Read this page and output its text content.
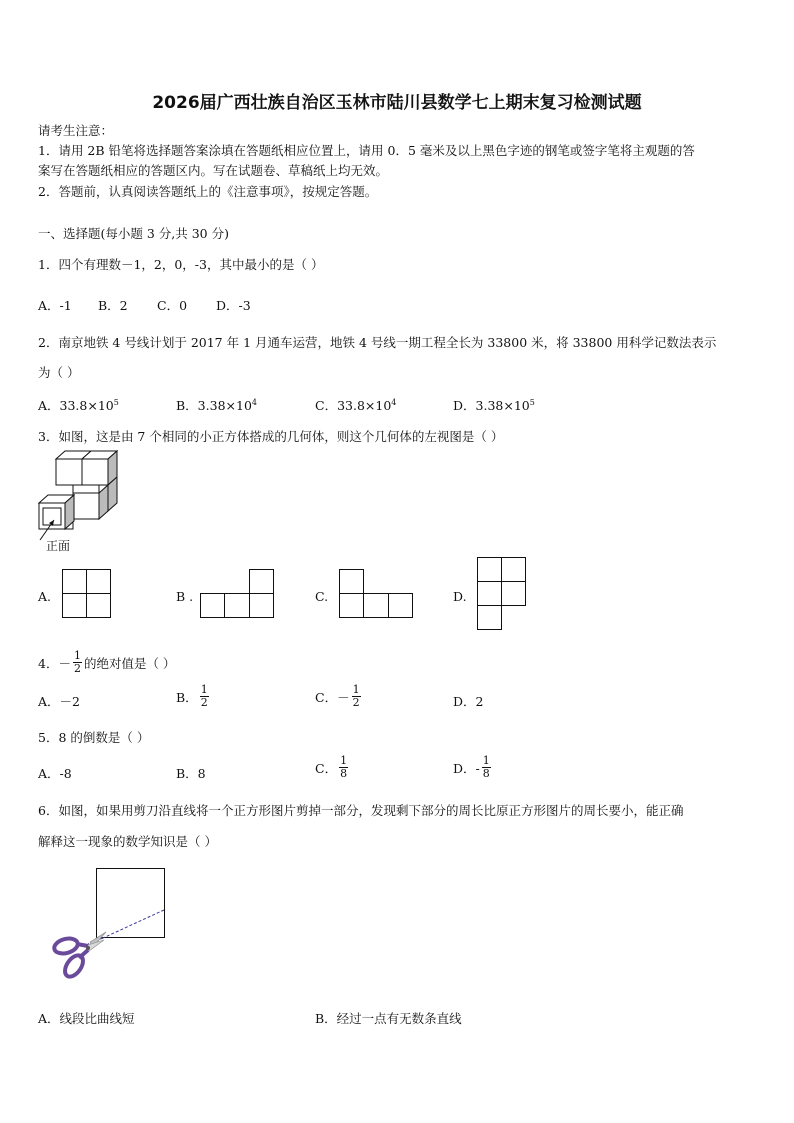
2026届广西壮族自治区玉林市陆川县数学七上期末复习检测试题
请考生注意：
1．请用 2B 铅笔将选择题答案涂填在答题纸相应位置上，请用 0．5 毫米及以上黑色字迹的钢笔或签字笔将主观题的答
案写在答题纸相应的答题区内。写在试题卷、草稿纸上均无效。
2．答题前，认真阅读答题纸上的《注意事项》，按规定答题。
一、选择题(每小题 3 分,共 30 分)
1．四个有理数－1，2，0，-3，其中最小的是（ ）
A．-1 B．2 C．0 D．-3
2．南京地铁 4 号线计划于 2017 年 1 月通车运营，地铁 4 号线一期工程全长为 33800 米，将 33800 用科学记数法表示
为（ ）
A．$33.8\times 10^5$	B．$3.38\times 10^4$	C．$33.8\times 10^4$	D．$3.38\times 10^5$
3．如图，这是由 7 个相同的小正方体搭成的几何体，则这个几何体的左视图是（ ）
正面
A.	B .	C.	D.
4．－ $\frac{1}{2}$ 的绝对值是（ ）
A．－2	B． $\frac{1}{2}$	C．－ $\frac{1}{2}$	D．2
5．8 的倒数是（ ）
A．-8	B．8	C． $\frac{1}{8}$	D．- $\frac{1}{8}$
6．如图，如果用剪刀沿直线将一个正方形图片剪掉一部分，发现剩下部分的周长比原正方形图片的周长要小，能正确
解释这一现象的数学知识是（ ）
A．线段比曲线短	B．经过一点有无数条直线
